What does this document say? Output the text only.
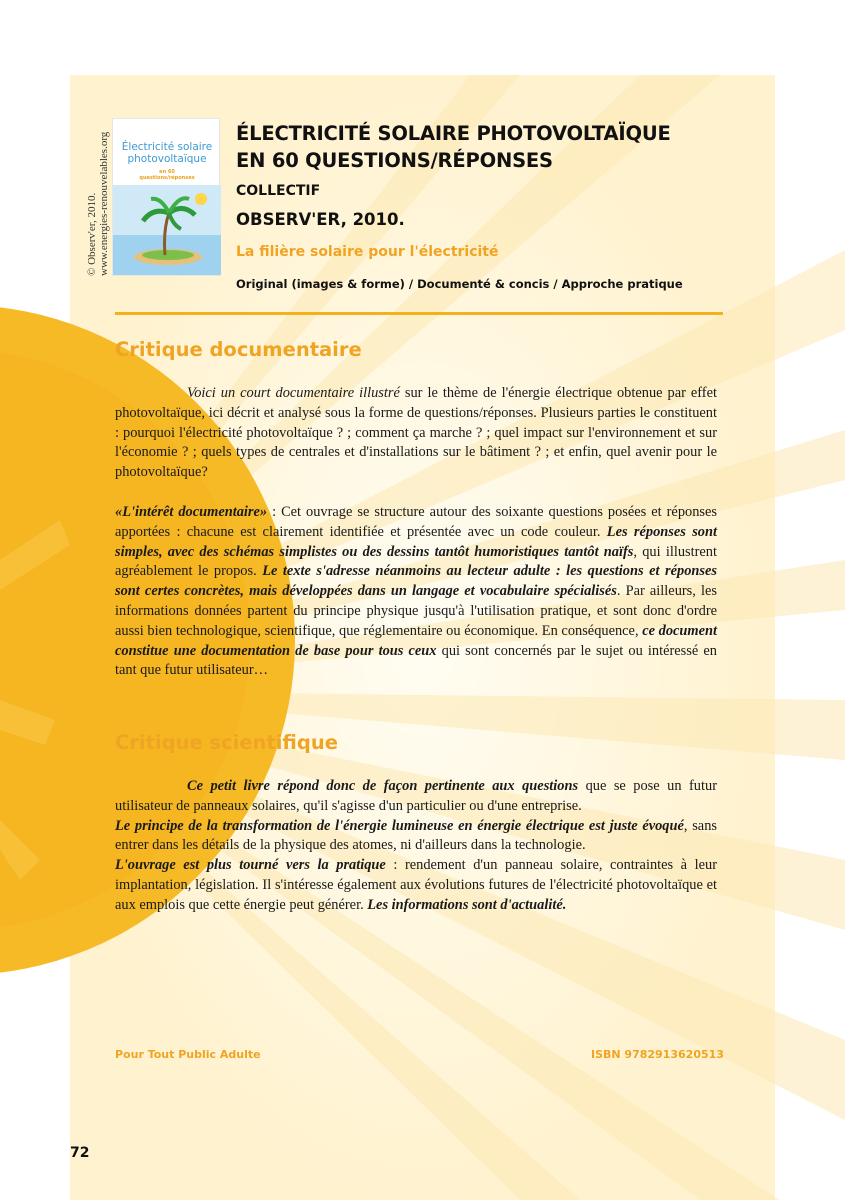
Électricité solaire
photovoltaïque
en 60
questions/réponses
© Observ'er, 2010. www.energies-renouvelables.org	ÉLECTRICITÉ SOLAIRE PHOTOVOLTAÏQUE
EN 60 QUESTIONS/RÉPONSES
COLLECTIF
OBSERV'ER, 2010.
La filière solaire pour l'électricité
Original (images & forme) / Documenté & concis / Approche pratique
Critique documentaire
Voici un court documentaire illustré sur le thème de l'énergie électrique obtenue par effet photovoltaïque, ici décrit et analysé sous la forme de questions/réponses. Plusieurs parties le constituent : pourquoi l'électricité photovoltaïque ? ; comment ça marche ? ; quel impact sur l'environnement et sur l'économie ? ; quels types de centrales et d'installations sur le bâtiment ? ; et enfin, quel avenir pour le photovoltaïque?
«L'intérêt documentaire» : Cet ouvrage se structure autour des soixante questions posées et réponses apportées : chacune est clairement identifiée et présentée avec un code couleur. Les réponses sont simples, avec des schémas simplistes ou des dessins tantôt humoristiques tantôt naïfs, qui illustrent agréablement le propos. Le texte s'adresse néanmoins au lecteur adulte : les questions et réponses sont certes concrètes, mais développées dans un langage et vocabulaire spécialisés. Par ailleurs, les informations données partent du principe physique jusqu'à l'utilisation pratique, et sont donc d'ordre aussi bien technologique, scientifique, que réglementaire ou économique. En conséquence, ce document constitue une documentation de base pour tous ceux qui sont concernés par le sujet ou intéressé en tant que futur utilisateur…
Critique scientifique
Ce petit livre répond donc de façon pertinente aux questions que se pose un futur utilisateur de panneaux solaires, qu'il s'agisse d'un particulier ou d'une entreprise.
Le principe de la transformation de l'énergie lumineuse en énergie électrique est juste évoqué, sans entrer dans les détails de la physique des atomes, ni d'ailleurs dans la technologie.
L'ouvrage est plus tourné vers la pratique : rendement d'un panneau solaire, contraintes à leur implantation, législation. Il s'intéresse également aux évolutions futures de l'électricité photovoltaïque et aux emplois que cette énergie peut générer. Les informations sont d'actualité.
Pour Tout Public Adulte	ISBN 9782913620513
72
